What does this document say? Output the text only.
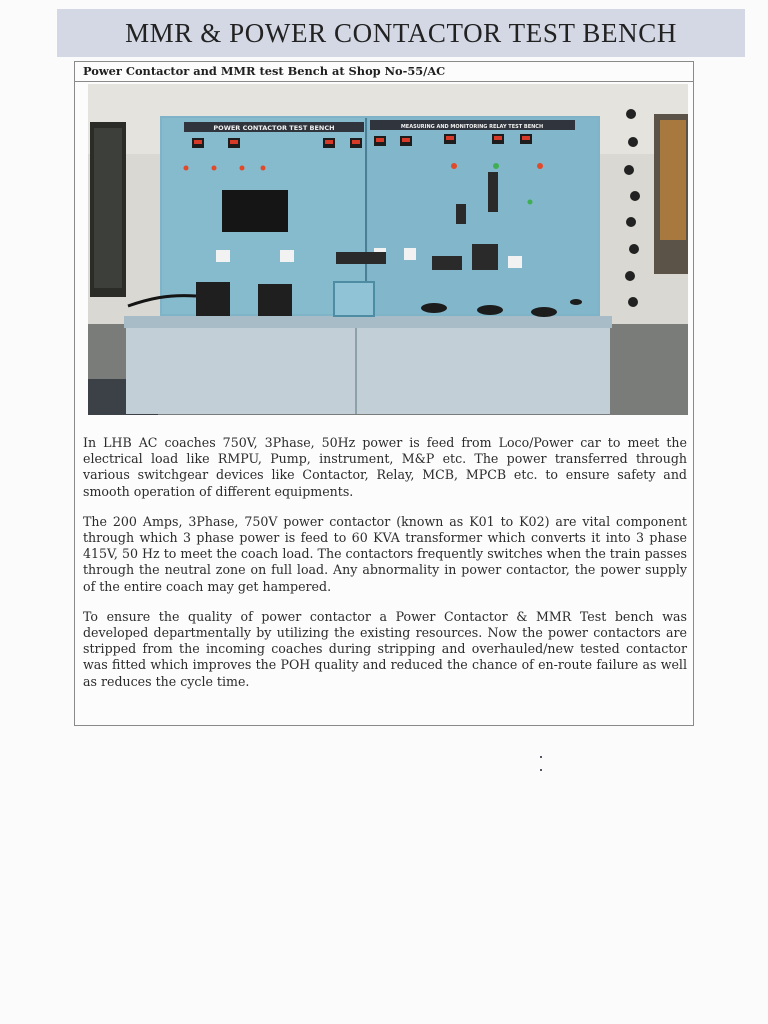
MMR & POWER CONTACTOR TEST BENCH
Power Contactor and MMR test Bench at Shop No-55/AC
POWER CONTACTOR TEST BENCH	MEASURING AND MONITORING RELAY TEST BENCH

In LHB AC coaches 750V, 3Phase, 50Hz power is feed from Loco/Power car to meet the electrical load like RMPU, Pump, instrument, M&P etc. The power transferred through various switchgear devices like Contactor, Relay, MCB, MPCB etc. to ensure safety and smooth operation of different equipments.

The 200 Amps, 3Phase, 750V power contactor (known as K01 to K02) are vital component through which 3 phase power is feed to 60 KVA transformer which converts it into 3 phase 415V, 50 Hz to meet the coach load. The contactors frequently switches when the train passes through the neutral zone on full load. Any abnormality in power contactor, the power supply of the entire coach may get hampered.

To ensure the quality of power contactor a Power Contactor & MMR Test bench was developed departmentally by utilizing the existing resources. Now the power contactors are stripped from the incoming coaches during stripping and overhauled/new tested contactor was fitted which improves the POH quality and reduced the chance of en-route failure as well as reduces the cycle time.
